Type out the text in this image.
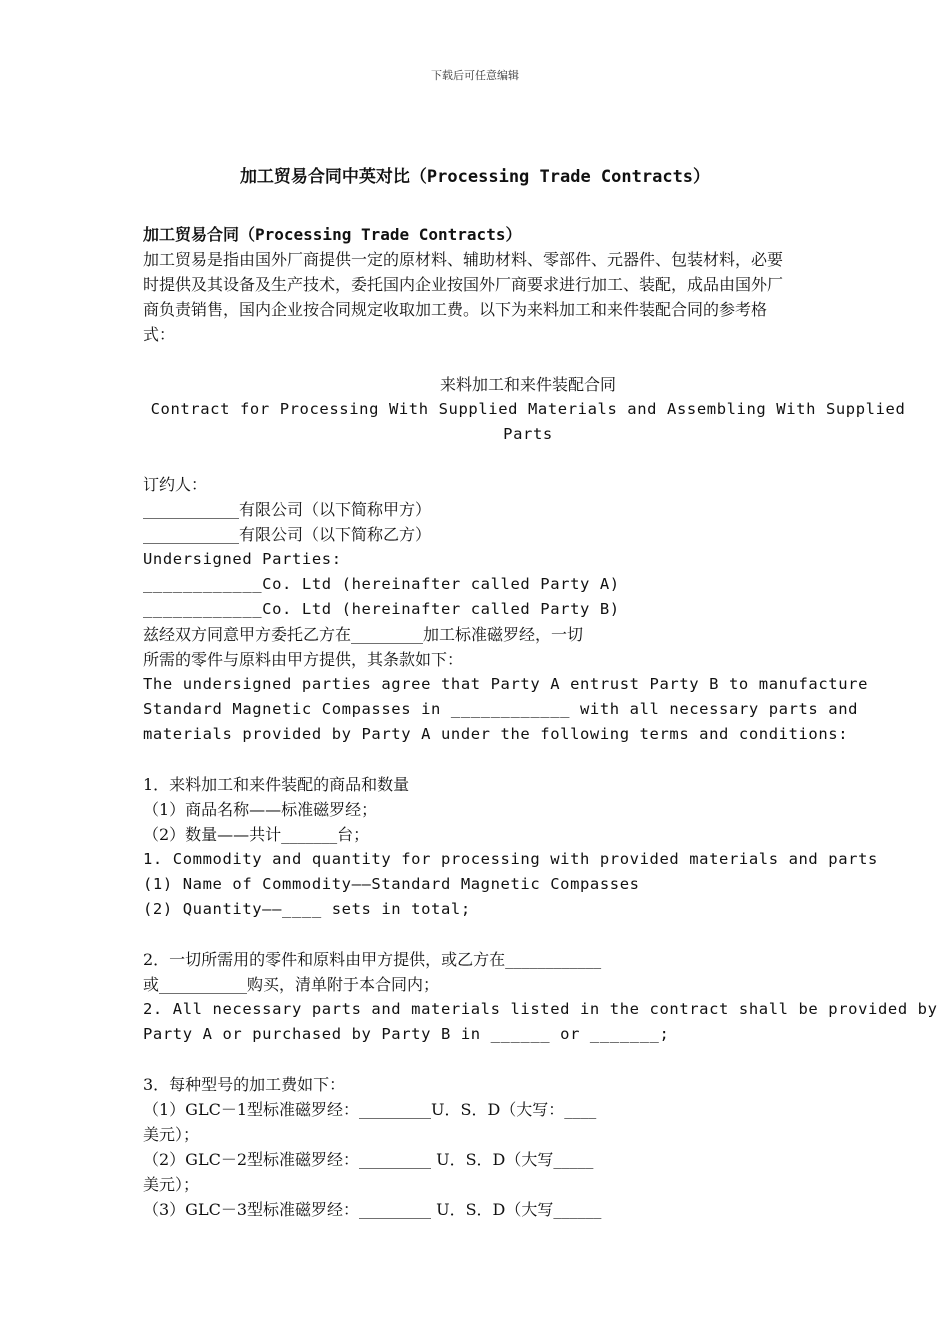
下载后可任意编辑
加工贸易合同中英对比（Processing Trade Contracts）
加工贸易合同（Processing Trade Contracts）
加工贸易是指由国外厂商提供一定的原材料、辅助材料、零部件、元器件、包装材料，必要
时提供及其设备及生产技术，委托国内企业按国外厂商要求进行加工、装配，成品由国外厂
商负责销售，国内企业按合同规定收取加工费。以下为来料加工和来件装配合同的参考格
式：
来料加工和来件装配合同
Contract for Processing With Supplied Materials and Assembling With Supplied
Parts
订约人：
____________有限公司（以下简称甲方）
____________有限公司（以下简称乙方）
Undersigned Parties:
____________Co. Ltd (hereinafter called Party A)
____________Co. Ltd (hereinafter called Party B)
兹经双方同意甲方委托乙方在_________加工标准磁罗经，一切
所需的零件与原料由甲方提供，其条款如下：
The undersigned parties agree that Party A entrust Party B to manufacture
Standard Magnetic Compasses in ____________ with all necessary parts and
materials provided by Party A under the following terms and conditions:
1．来料加工和来件装配的商品和数量
（1）商品名称——标准磁罗经；
（2）数量——共计_______台；
1. Commodity and quantity for processing with provided materials and parts
(1) Name of Commodity——Standard Magnetic Compasses
(2) Quantity——____ sets in total;
2．一切所需用的零件和原料由甲方提供，或乙方在____________
或___________购买，清单附于本合同内；
2. All necessary parts and materials listed in the contract shall be provided by
Party A or purchased by Party B in ______ or _______;
3．每种型号的加工费如下：
（1）GLC－1型标准磁罗经：_________U．S．D（大写：____
美元）；
（2）GLC－2型标准磁罗经：_________ U．S．D（大写_____
美元）；
（3）GLC－3型标准磁罗经：_________ U．S．D（大写______
